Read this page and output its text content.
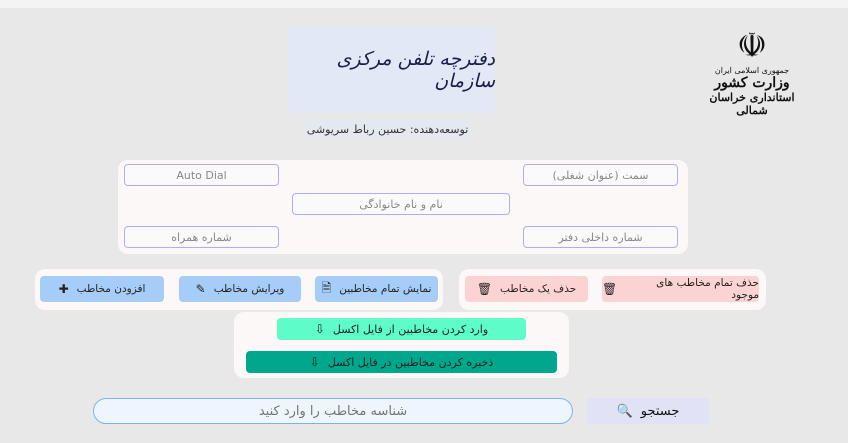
دفترچه تلفن مرکزی سازمان
توسعه‌دهنده: حسین رباط سریوشی
☫
جمهوری اسلامی ایران
وزارت کشور
استانداری خراسان شمالی
Auto Dial	سمت (عنوان شغلی)
نام و نام خانوادگی
شماره همراه	شماره داخلی دفتر
نمایش تمام مخاطبین
🗎
ویرایش مخاطب
✎
افزودن مخاطب
✚	حذف تمام مخاطب های موجود
🗑
حذف یک مخاطب
🗑
وارد کردن مخاطبین از فایل اکسل
⇩
ذخیره کردن مخاطبین در فایل اکسل
⇩
شناسه مخاطب را وارد کنید
جستجو
🔍
